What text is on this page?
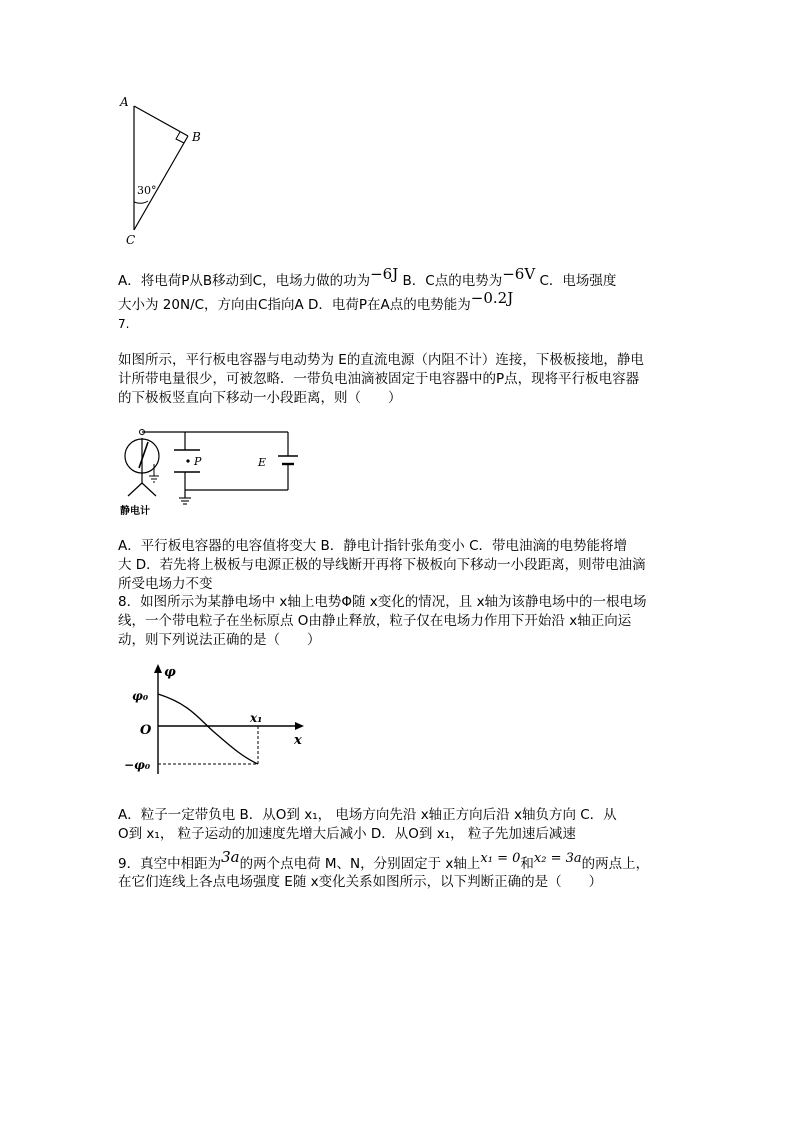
A
B
C
30°
A．将电荷P从B移动到C，电场力做的功为−6J B．C点的电势为−6V C．电场强度
大小为 20N/C，方向由C指向A D．电荷P在A点的电势能为−0.2J
7.
如图所示，平行板电容器与电动势为 E的直流电源（内阻不计）连接，下极板接地，静电
计所带电量很少，可被忽略．一带负电油滴被固定于电容器中的P点，现将平行板电容器
的下极板竖直向下移动一小段距离，则（　　）
P	E
静电计
A．平行板电容器的电容值将变大 B．静电计指针张角变小 C．带电油滴的电势能将增
大 D．若先将上极板与电源正极的导线断开再将下极板向下移动一小段距离，则带电油滴
所受电场力不变
8．如图所示为某静电场中 x轴上电势Φ随 x变化的情况，且 x轴为该静电场中的一根电场
线，一个带电粒子在坐标原点 O由静止释放，粒子仅在电场力作用下开始沿 x轴正向运
动，则下列说法正确的是（　　）
φ
x
O
φ₀
−φ₀
x₁
A．粒子一定带负电 B．从O到 x₁， 电场方向先沿 x轴正方向后沿 x轴负方向 C．从
O到 x₁， 粒子运动的加速度先增大后减小 D．从O到 x₁， 粒子先加速后减速
9．真空中相距为3a的两个点电荷 M、N，分别固定于 x轴上x₁ = 0和x₂ = 3a的两点上，
在它们连线上各点电场强度 E随 x变化关系如图所示，以下判断正确的是（　　）
